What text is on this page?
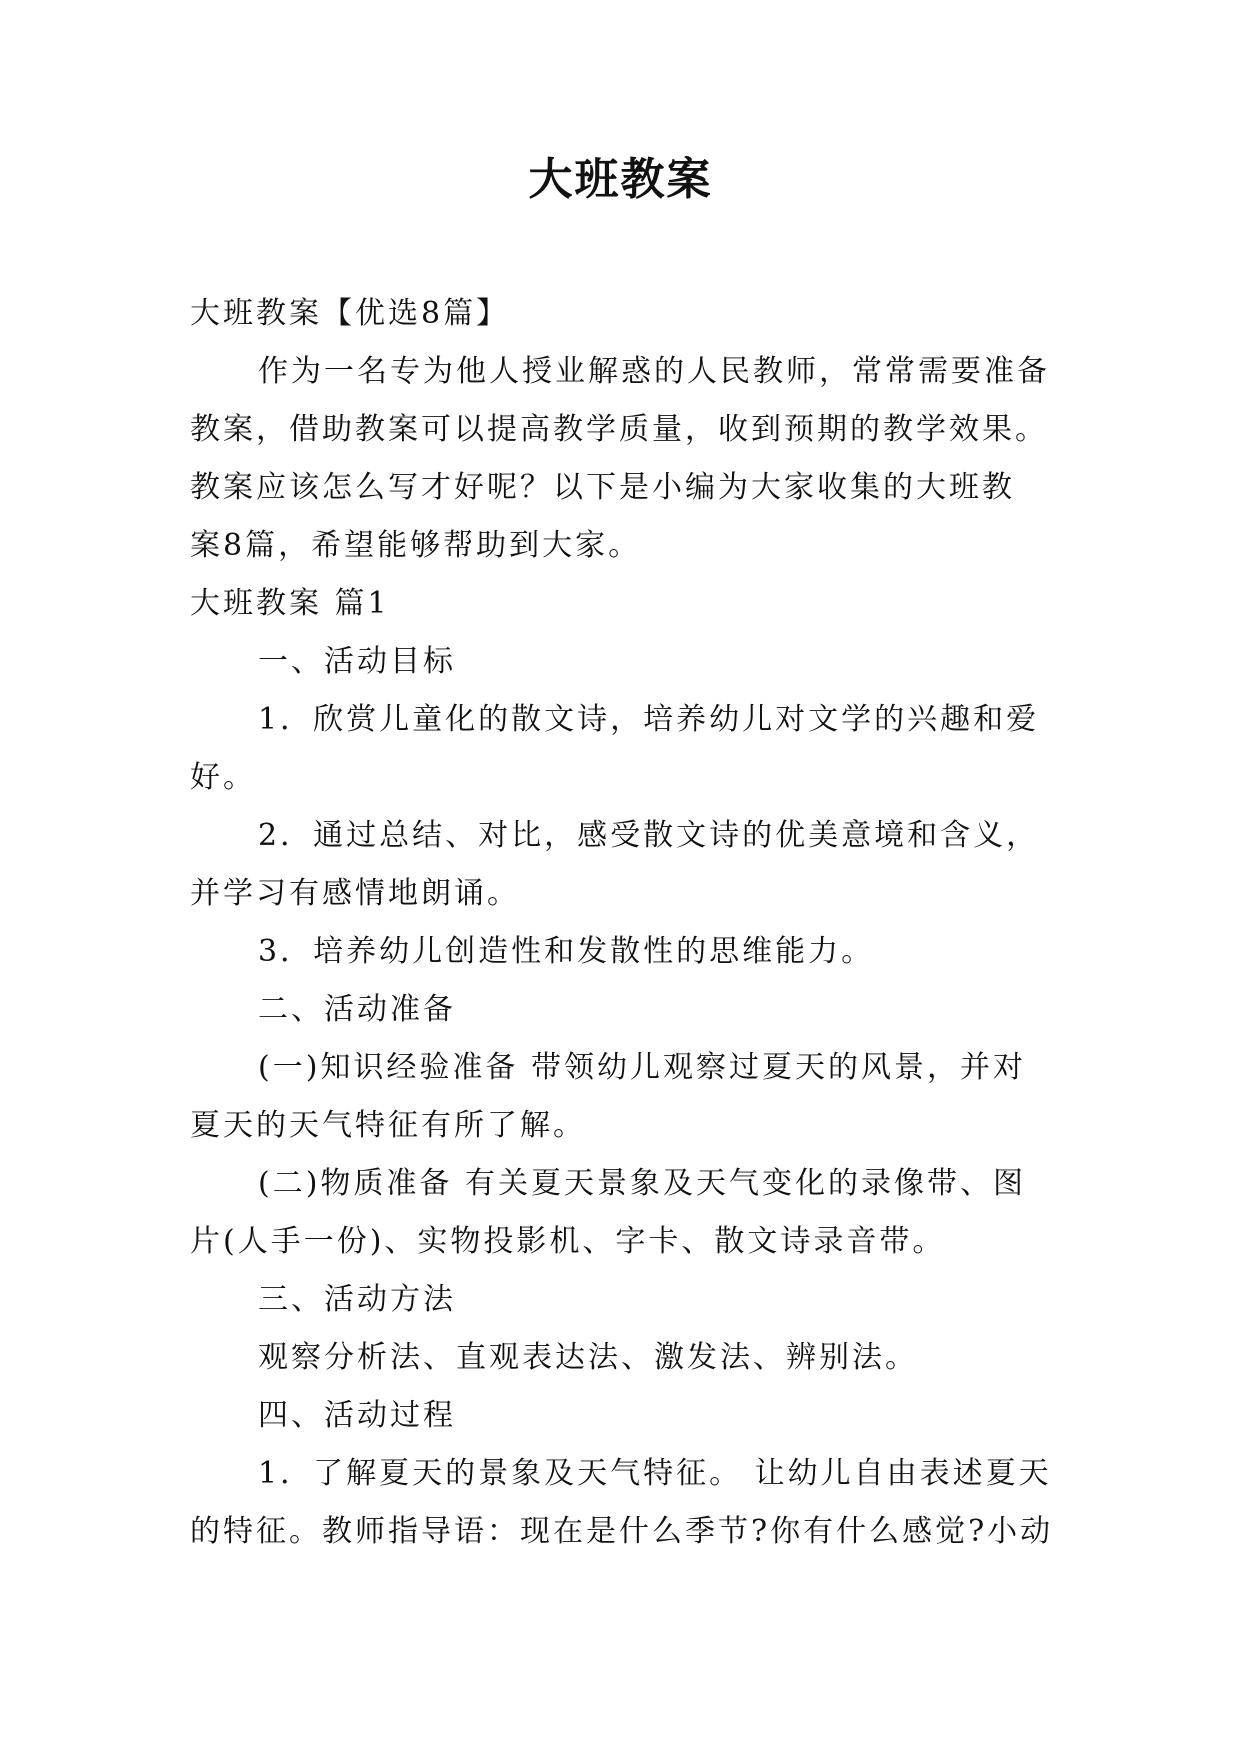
大班教案

大班教案【优选8篇】

作为一名专为他人授业解惑的人民教师，常常需要准备

教案，借助教案可以提高教学质量，收到预期的教学效果。

教案应该怎么写才好呢？以下是小编为大家收集的大班教

案8篇，希望能够帮助到大家。

大班教案 篇1

一、活动目标

1．欣赏儿童化的散文诗，培养幼儿对文学的兴趣和爱

好。

2．通过总结、对比，感受散文诗的优美意境和含义，

并学习有感情地朗诵。

3．培养幼儿创造性和发散性的思维能力。

二、活动准备

(一)知识经验准备 带领幼儿观察过夏天的风景，并对

夏天的天气特征有所了解。

(二)物质准备 有关夏天景象及天气变化的录像带、图

片(人手一份)、实物投影机、字卡、散文诗录音带。

三、活动方法

观察分析法、直观表达法、激发法、辨别法。

四、活动过程

1．了解夏天的景象及天气特征。 让幼儿自由表述夏天

的特征。教师指导语：现在是什么季节?你有什么感觉?小动
